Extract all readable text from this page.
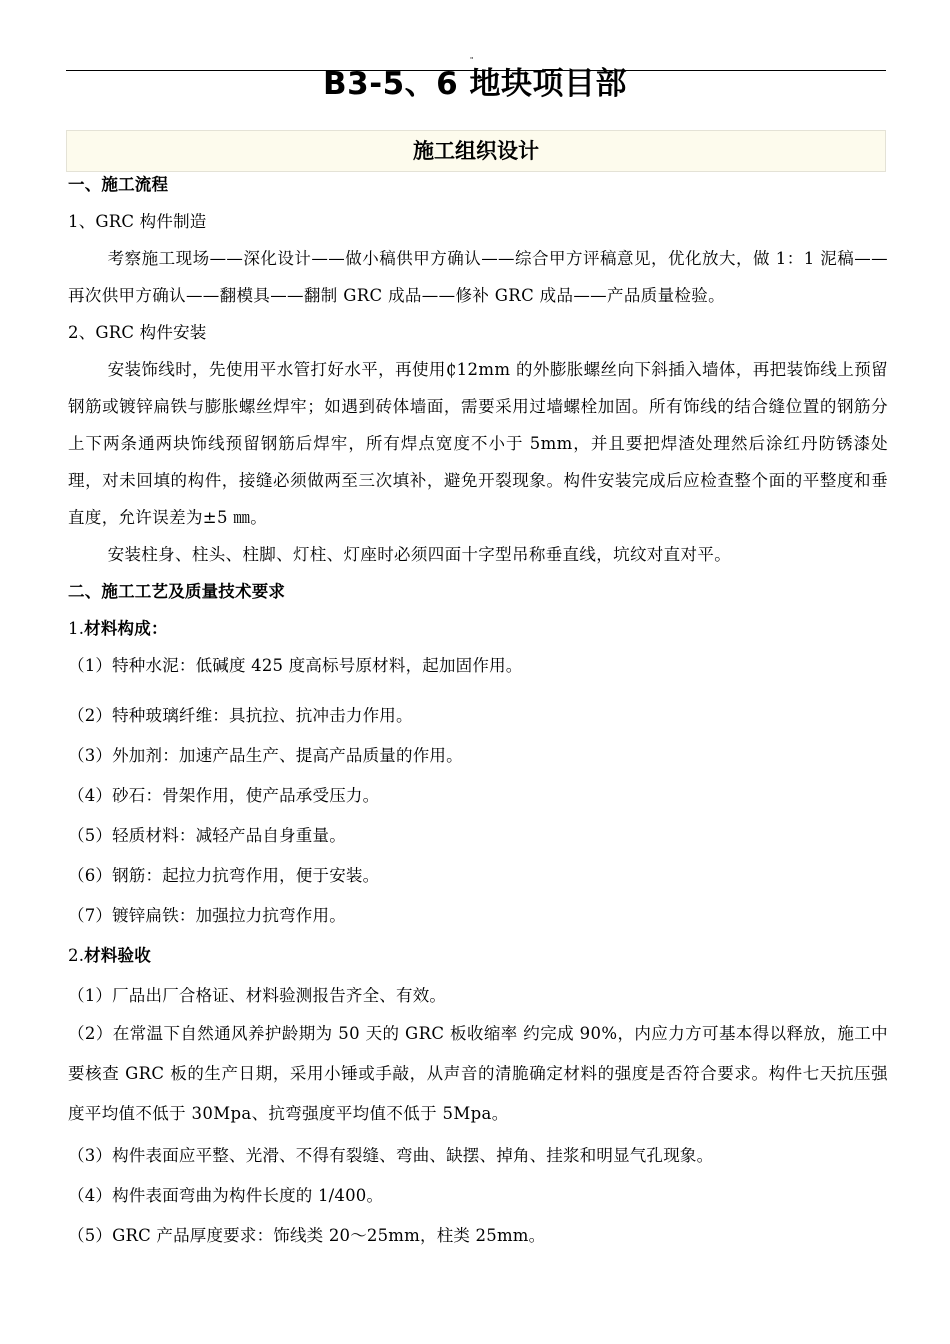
"
B3-5、6 地块项目部
施工组织设计
一、施工流程
1、GRC 构件制造
考察施工现场——深化设计——做小稿供甲方确认——综合甲方评稿意见，优化放大，做 1：1 泥稿——再次供甲方确认——翻模具——翻制 GRC 成品——修补 GRC 成品——产品质量检验。
2、GRC 构件安装
安装饰线时，先使用平水管打好水平，再使用₵12mm 的外膨胀螺丝向下斜插入墙体，再把装饰线上预留钢筋或镀锌扁铁与膨胀螺丝焊牢；如遇到砖体墙面，需要采用过墙螺栓加固。所有饰线的结合缝位置的钢筋分上下两条通两块饰线预留钢筋后焊牢，所有焊点宽度不小于 5mm，并且要把焊渣处理然后涂红丹防锈漆处理，对未回填的构件，接缝必须做两至三次填补，避免开裂现象。构件安装完成后应检查整个面的平整度和垂直度，允许误差为±5 ㎜。
安装柱身、柱头、柱脚、灯柱、灯座时必须四面十字型吊称垂直线，坑纹对直对平。
二、施工工艺及质量技术要求
1.材料构成：
（1）特种水泥：低碱度 425 度高标号原材料，起加固作用。
（2）特种玻璃纤维：具抗拉、抗冲击力作用。
（3）外加剂：加速产品生产、提高产品质量的作用。
（4）砂石：骨架作用，使产品承受压力。
（5）轻质材料：减轻产品自身重量。
（6）钢筋：起拉力抗弯作用，便于安装。
（7）镀锌扁铁：加强拉力抗弯作用。
2.材料验收
（1）厂品出厂合格证、材料验测报告齐全、有效。
（2）在常温下自然通风养护龄期为 50 天的 GRC 板收缩率 约完成 90%，内应力方可基本得以释放，施工中要核查 GRC 板的生产日期，采用小锤或手敲，从声音的清脆确定材料的强度是否符合要求。构件七天抗压强度平均值不低于 30Mpa、抗弯强度平均值不低于 5Mpa。
（3）构件表面应平整、光滑、不得有裂缝、弯曲、缺摆、掉角、挂浆和明显气孔现象。
（4）构件表面弯曲为构件长度的 1/400。
（5）GRC 产品厚度要求：饰线类 20～25mm，柱类 25mm。
